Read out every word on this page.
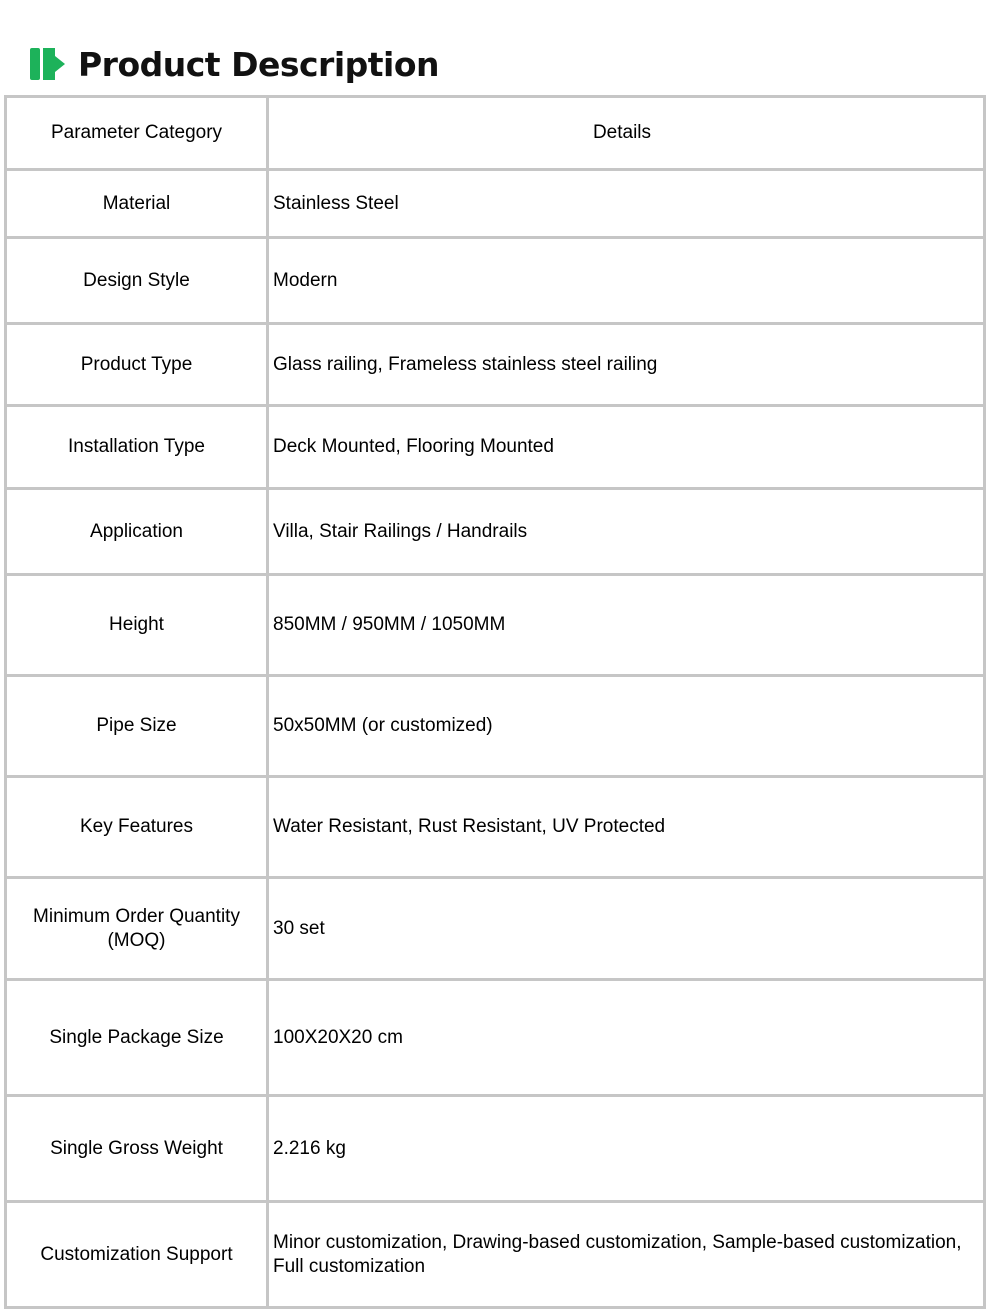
Product Description
Parameter Category	Details
Material	Stainless Steel
Design Style	Modern
Product Type	Glass railing, Frameless stainless steel railing
Installation Type	Deck Mounted, Flooring Mounted
Application	Villa, Stair Railings / Handrails
Height	850MM / 950MM / 1050MM
Pipe Size	50x50MM (or customized)
Key Features	Water Resistant, Rust Resistant, UV Protected
Minimum Order Quantity (MOQ)	30 set
Single Package Size	100X20X20 cm
Single Gross Weight	2.216 kg
Customization Support	Minor customization, Drawing-based customization, Sample-based customization, Full customization
